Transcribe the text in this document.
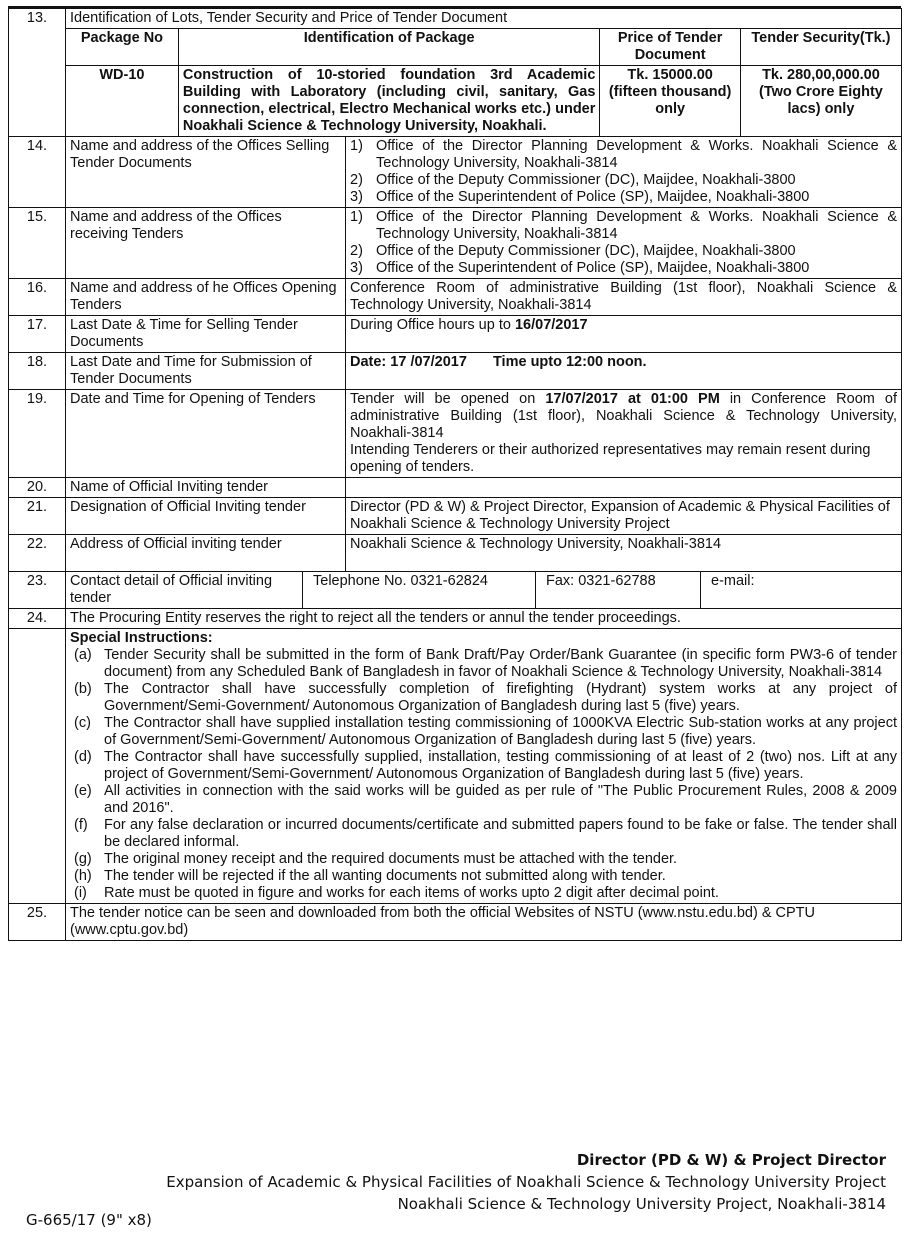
13.	Identification of Lots, Tender Security and Price of Tender Document
Package No	Identification of Package	Price of Tender Document	Tender Security(Tk.)
WD-10	Construction of 10-storied foundation 3rd Academic Building with Laboratory (including civil, sanitary, Gas connection, electrical, Electro Mechanical works etc.) under Noakhali Science & Technology University, Noakhali.	Tk. 15000.00 (fifteen thousand) only	Tk. 280,00,000.00 (Two Crore Eighty lacs) only

14.	Name and address of the Offices Selling Tender Documents	
1) Office of the Director Planning Development & Works. Noakhali Science & Technology University, Noakhali-3814
2) Office of the Deputy Commissioner (DC), Maijdee, Noakhali-3800
3) Office of the Superintendent of Police (SP), Maijdee, Noakhali-3800

15.	Name and address of the Offices receiving Tenders	
1) Office of the Director Planning Development & Works. Noakhali Science & Technology University, Noakhali-3814
2) Office of the Deputy Commissioner (DC), Maijdee, Noakhali-3800
3) Office of the Superintendent of Police (SP), Maijdee, Noakhali-3800

16.	Name and address of he Offices Opening Tenders	Conference Room of administrative Building (1st floor), Noakhali Science & Technology University, Noakhali-3814
17.	Last Date & Time for Selling Tender Documents	During Office hours up to 16/07/2017
18.	Last Date and Time for Submission of Tender Documents	Date: 17 /07/2017 Time upto 12:00 noon.
19.	Date and Time for Opening of Tenders	Tender will be opened on 17/07/2017 at 01:00 PM in Conference Room of administrative Building (1st floor), Noakhali Science & Technology University, Noakhali-3814
Intending Tenderers or their authorized representatives may remain resent during opening of tenders.

20.	Name of Official Inviting tender	
21.	Designation of Official Inviting tender	Director (PD & W) & Project Director, Expansion of Academic & Physical Facilities of Noakhali Science & Technology University Project
22.	Address of Official inviting tender	Noakhali Science & Technology University, Noakhali-3814
23.	Contact detail of Official inviting tender
Telephone No. 0321-62824	Fax: 0321-62788	e-mail:

24.	The Procuring Entity reserves the right to reject all the tenders or annul the tender proceedings.

Special Instructions:
(a) Tender Security shall be submitted in the form of Bank Draft/Pay Order/Bank Guarantee (in specific form PW3-6 of tender document) from any Scheduled Bank of Bangladesh in favor of Noakhali Science & Technology University, Noakhali-3814
(b) The Contractor shall have successfully completion of firefighting (Hydrant) system works at any project of Government/Semi-Government/ Autonomous Organization of Bangladesh during last 5 (five) years.
(c) The Contractor shall have supplied installation testing commissioning of 1000KVA Electric Sub-station works at any project of Government/Semi-Government/ Autonomous Organization of Bangladesh during last 5 (five) years.
(d) The Contractor shall have successfully supplied, installation, testing commissioning of at least of 2 (two) nos. Lift at any project of Government/Semi-Government/ Autonomous Organization of Bangladesh during last 5 (five) years.
(e) All activities in connection with the said works will be guided as per rule of "The Public Procurement Rules, 2008 & 2009 and 2016".
(f)	For any false declaration or incurred documents/certificate and submitted papers found to be fake or false. The tender shall be declared informal.
(g) The original money receipt and the required documents must be attached with the tender.
(h) The tender will be rejected if the all wanting documents not submitted along with tender.
(i)	Rate must be quoted in figure and works for each items of works upto 2 digit after decimal point.

25.	The tender notice can be seen and downloaded from both the official Websites of NSTU (www.nstu.edu.bd) & CPTU (www.cptu.gov.bd)
Director (PD & W) & Project Director
Expansion of Academic & Physical Facilities of Noakhali Science & Technology University Project
Noakhali Science & Technology University Project, Noakhali-3814
G-665/17 (9" x8)
